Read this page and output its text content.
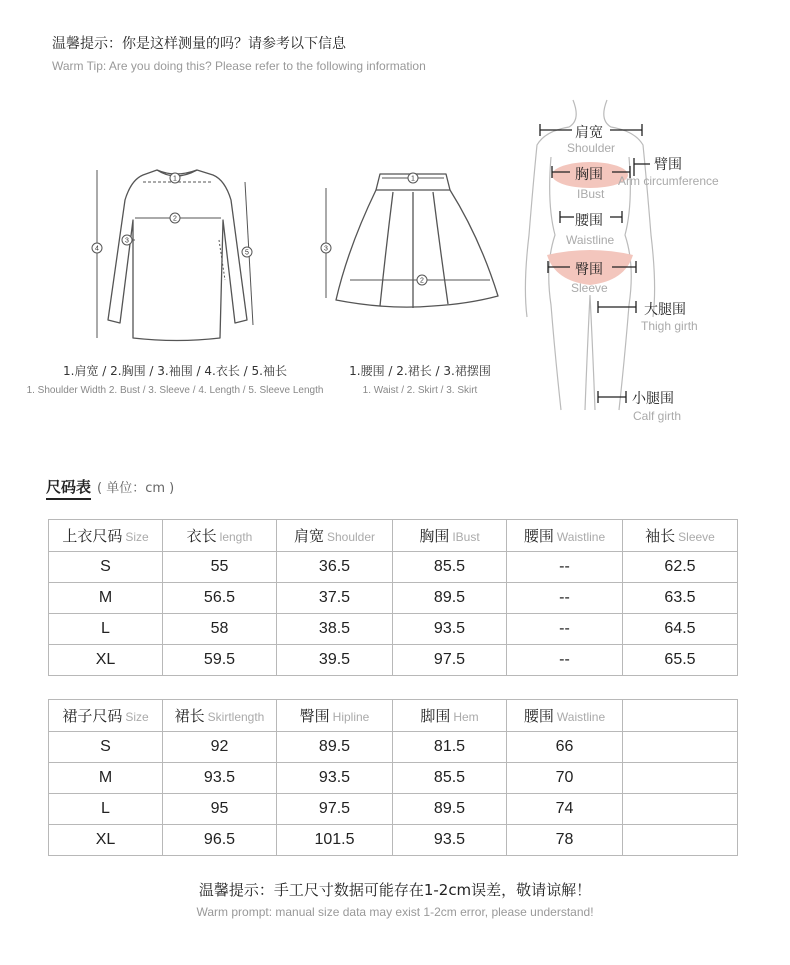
温馨提示：你是这样测量的吗？请参考以下信息
Warm Tip: Are you doing this? Please refer to the following information
1
2
3
4
5
1.肩宽 / 2.胸围 / 3.袖围 / 4.衣长 / 5.袖长
1. Shoulder Width 2. Bust / 3. Sleeve / 4. Length / 5. Sleeve Length
1
2
3
1.腰围 / 2.裙长 / 3.裙摆围
1. Waist / 2. Skirt / 3. Skirt
肩宽
Shoulder
臂围
Arm circumference
胸围
IBust
腰围
Waistline
臀围
Sleeve
大腿围
Thigh girth
小腿围
Calf girth
尺码表 ( 单位：cm )
上衣尺码 Size	衣长 length	肩宽 Shoulder	胸围 IBust	腰围 Waistline	袖长 Sleeve
S	55	36.5	85.5	--	62.5
M	56.5	37.5	89.5	--	63.5
L	58	38.5	93.5	--	64.5
XL	59.5	39.5	97.5	--	65.5
裙子尺码 Size	裙长 Skirtlength	臀围 Hipline	脚围 Hem	腰围 Waistline	
S	92	89.5	81.5	66	
M	93.5	93.5	85.5	70	
L	95	97.5	89.5	74	
XL	96.5	101.5	93.5	78	
温馨提示：手工尺寸数据可能存在1-2cm误差，敬请谅解！
Warm prompt: manual size data may exist 1-2cm error, please understand!
